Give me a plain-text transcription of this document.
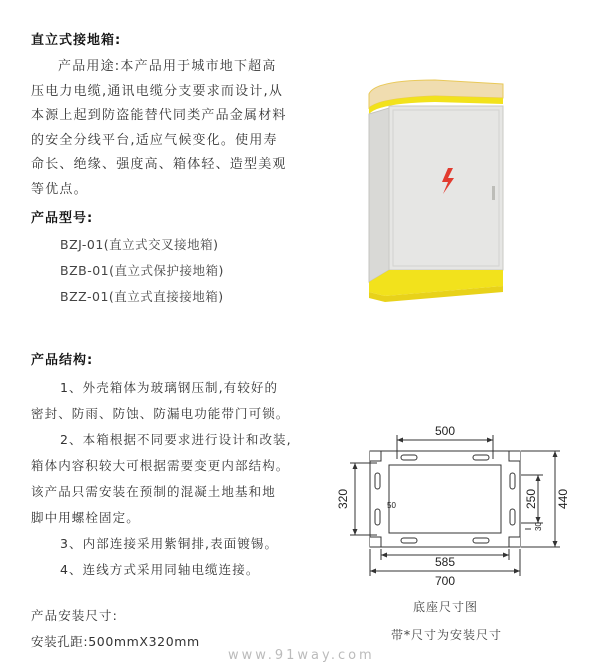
直立式接地箱:
产品用途:本产品用于城市地下超高
压电力电缆,通讯电缆分支要求而设计,从
本源上起到防盗能替代同类产品金属材料
的安全分线平台,适应气候变化。使用寿
命长、绝缘、强度高、箱体轻、造型美观
等优点。
产品型号:
BZJ-01(直立式交叉接地箱)
BZB-01(直立式保护接地箱)
BZZ-01(直立式直接接地箱)
产品结构:
1、外壳箱体为玻璃钢压制,有较好的
密封、防雨、防蚀、防漏电功能带门可锁。
2、本箱根据不同要求进行设计和改装,
箱体内容积较大可根据需要变更内部结构。
该产品只需安装在预制的混凝土地基和地
脚中用螺栓固定。
3、内部连接采用紫铜排,表面镀锡。
4、连线方式采用同轴电缆连接。
产品安装尺寸:
安装孔距:500mmX320mm
500
320	250 440
50
30
585
700
底座尺寸图
带*尺寸为安装尺寸
www.91way.com
